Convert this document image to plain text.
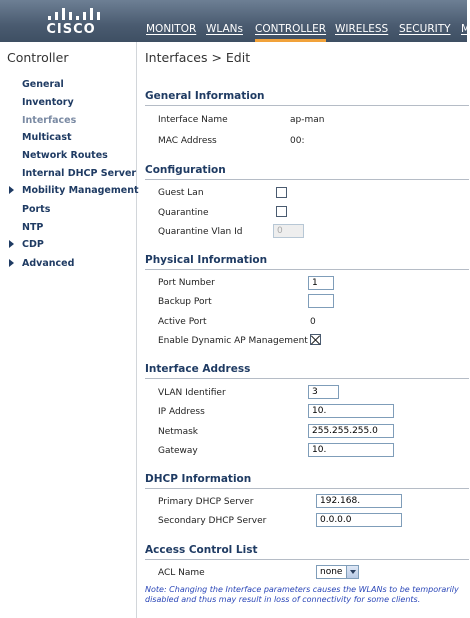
CISCO	MONITOR WLANs CONTROLLER WIRELESS SECURITY M
Controller
General
Inventory
Interfaces
Multicast
Network Routes
Internal DHCP Server
Mobility Management
Ports
NTP
CDP
Advanced
Interfaces > Edit
General Information
Interface Name	ap-man
MAC Address	00:
Configuration
Guest Lan
Quarantine
Quarantine Vlan Id	0
Physical Information
Port Number	1
Backup Port
Active Port	0
Enable Dynamic AP Management
Interface Address
VLAN Identifier	3
IP Address	10.
Netmask	255.255.255.0
Gateway	10.
DHCP Information
Primary DHCP Server	192.168.
Secondary DHCP Server	0.0.0.0
Access Control List
ACL Name	none
Note: Changing the Interface parameters causes the WLANs to be temporarily disabled and thus may result in loss of connectivity for some clients.
